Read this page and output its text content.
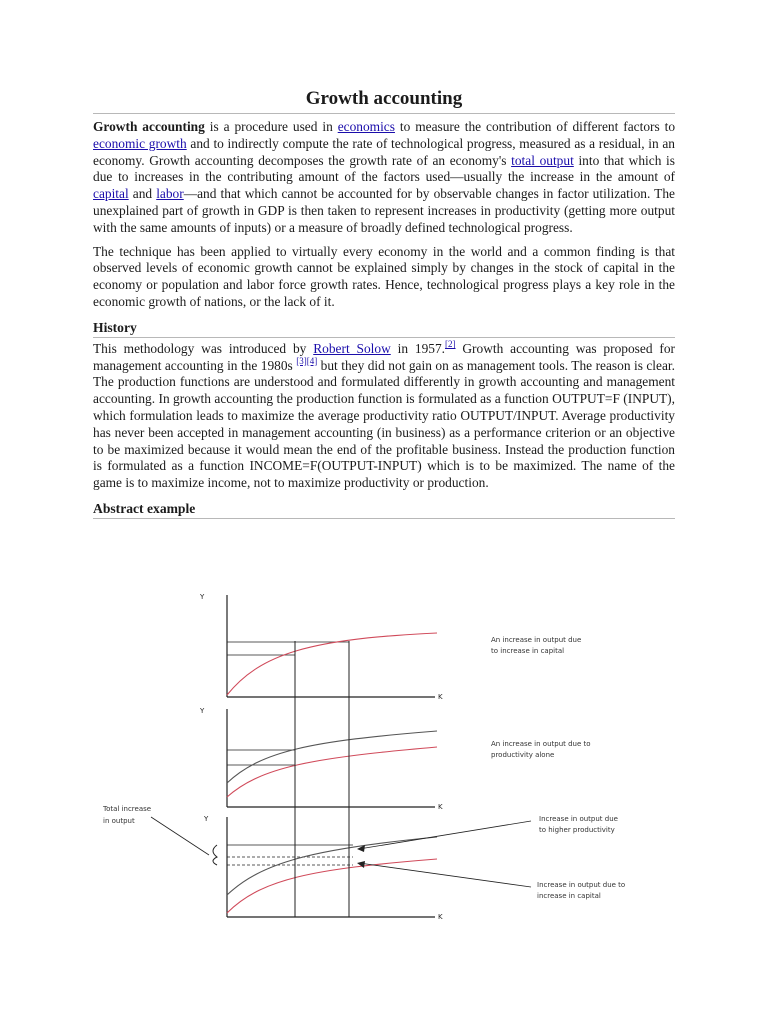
Growth accounting

Growth accounting is a procedure used in economics to measure the contribution of different factors to economic growth and to indirectly compute the rate of technological progress, measured as a residual, in an economy. Growth accounting decomposes the growth rate of an economy's total output into that which is due to increases in the contributing amount of the factors used—usually the increase in the amount of capital and labor—and that which cannot be accounted for by observable changes in factor utilization. The unexplained part of growth in GDP is then taken to represent increases in productivity (getting more output with the same amounts of inputs) or a measure of broadly defined technological progress.

The technique has been applied to virtually every economy in the world and a common finding is that observed levels of economic growth cannot be explained simply by changes in the stock of capital in the economy or population and labor force growth rates. Hence, technological progress plays a key role in the economic growth of nations, or the lack of it.

History

This methodology was introduced by Robert Solow in 1957.[2] Growth accounting was proposed for management accounting in the 1980s [3][4] but they did not gain on as management tools. The reason is clear. The production functions are understood and formulated differently in growth accounting and management accounting. In growth accounting the production function is formulated as a function OUTPUT=F (INPUT), which formulation leads to maximize the average productivity ratio OUTPUT/INPUT. Average productivity has never been accepted in management accounting (in business) as a performance criterion or an objective to be maximized because it would mean the end of the profitable business. Instead the production function is formulated as a function INCOME=F(OUTPUT-INPUT) which is to be maximized. The name of the game is to maximize income, not to maximize productivity or production.

Abstract example
Y
K
An increase in output due
to increase in capital
Y
K
An increase in output due to
productivity alone
Y
K
Total increase
in output	Increase in output due
to higher productivity
Increase in output due to
increase in capital
